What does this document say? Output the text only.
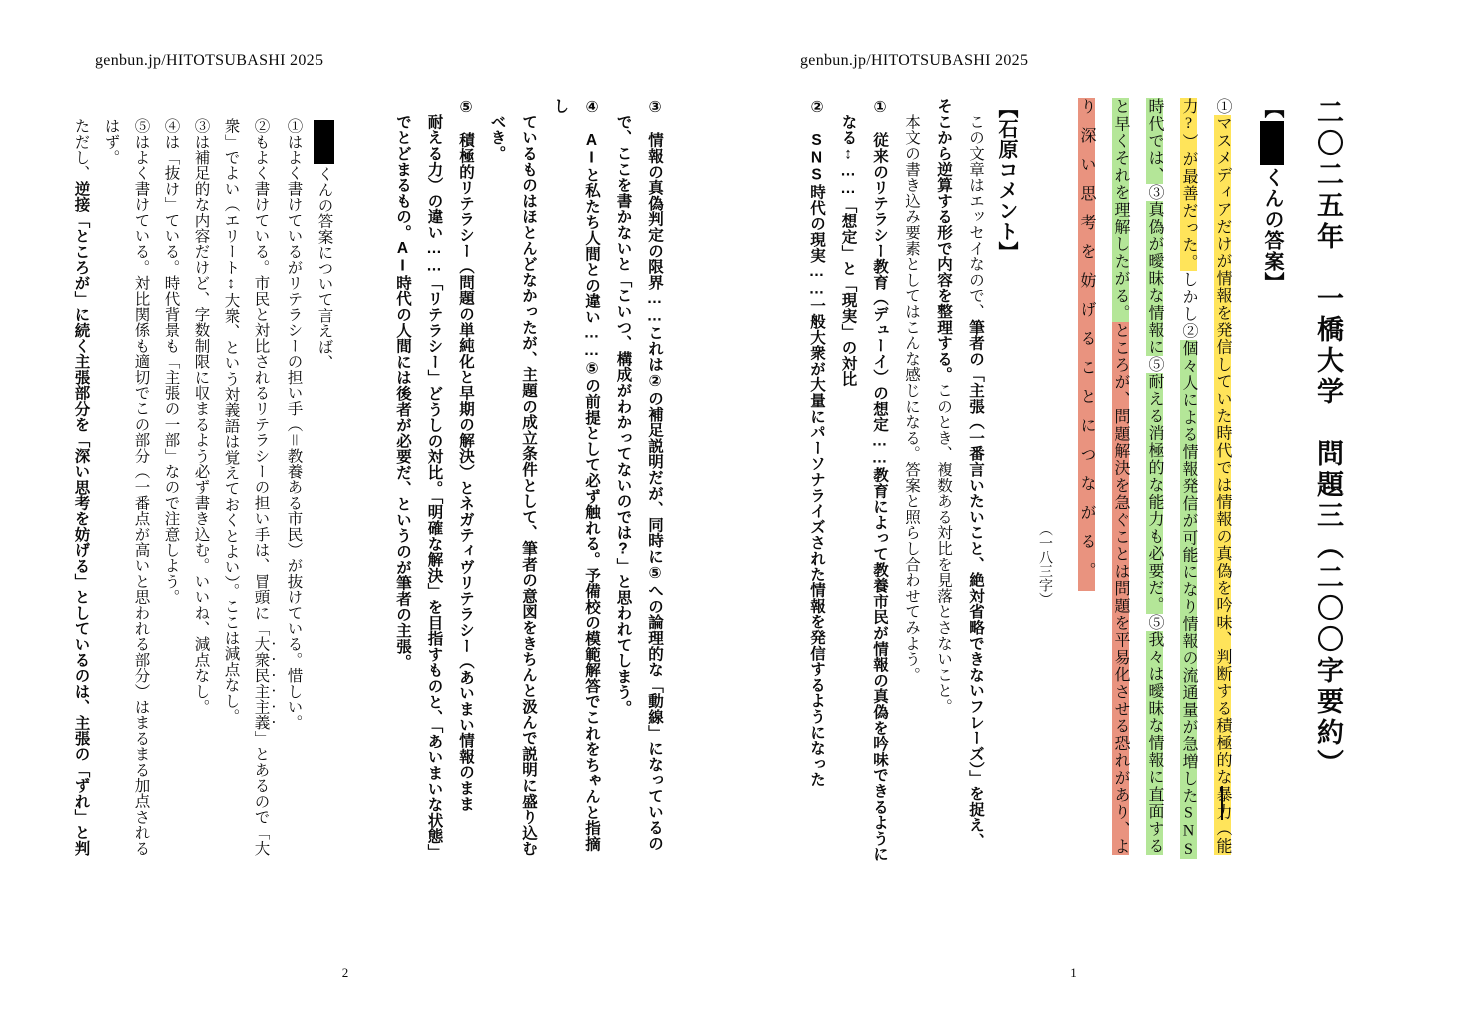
genbun.jp/HITOTSUBASHI 2025
③　情報の真偽判定の限界……これは②の補足説明だが、同時に⑤への論理的な「動線」になっているの
　で、ここを書かないと「こいつ、構成がわかってないのでは?」と思われてしまう。
④　AIと私たち人間との違い……⑤の前提として必ず触れる。予備校の模範解答でこれをちゃんと指摘し
　ているものはほとんどなかったが、主題の成立条件として、筆者の意図をきちんと汲んで説明に盛り込む
　べき。
⑤　積極的リテラシー（問題の単純化と早期の解決）とネガティヴリテラシー（あいまい情報のまま
　耐える力）の違い……「リテラシー」どうしの対比。「明確な解決」を目指すものと、「あいまいな状態」
　でとどまるもの。AI時代の人間には後者が必要だ、というのが筆者の主張。
くんの答案について言えば、
①はよく書けているがリテラシーの担い手（＝教養ある市民）が抜けている。惜しい。
②もよく書けている。市民と対比されるリテラシーの担い手は、冒頭に「大衆民主主義」とあるので「大
衆」でよい（エリート↕大衆、という対義語は覚えておくとよい）。ここは減点なし。
③は補足的な内容だけど、字数制限に収まるよう必ず書き込む。いいね、減点なし。
④は「抜け」ている。時代背景も「主張の一部」なので注意しよう。
⑤はよく書けている。対比関係も適切でこの部分（一番点が高いと思われる部分）はまるまる加点される
はず。
ただし、逆接「ところが」に続く主張部分を「深い思考を妨げる」としているのは、主張の「ずれ」と判
2
genbun.jp/HITOTSUBASHI 2025
二〇二五年　一橋大学　問題三（二〇〇字要約）
【くんの答案】
①マスメディアだけが情報を発信していた時代では情報の真偽を吟味、判断する積極的な暴力（能
力?）が最善だった。しかし②個々人による情報発信が可能になり情報の流通量が急増したSNS
時代では、③真偽が曖昧な情報に⑤耐える消極的な能力も必要だ。⑤我々は曖昧な情報に直面する
と早くそれを理解したがる。ところが、問題解決を急ぐことは問題を平易化させる恐れがあり、よ
り深い思考を妨げることにつながる。
（一八三字）
【石原コメント】
　この文章はエッセイなので、筆者の「主張（一番言いたいこと、絶対省略できないフレーズ）」を捉え、
そこから逆算する形で内容を整理する。このとき、複数ある対比を見落とさないこと。
　本文の書き込み要素としてはこんな感じになる。答案と照らし合わせてみよう。
①　従来のリテラシー教育（デューイ）の想定……教育によって教養市民が情報の真偽を吟味できるように
　なる↕……「想定」と「現実」の対比
②　SNS時代の現実……一般大衆が大量にパーソナライズされた情報を発信するようになった
1
